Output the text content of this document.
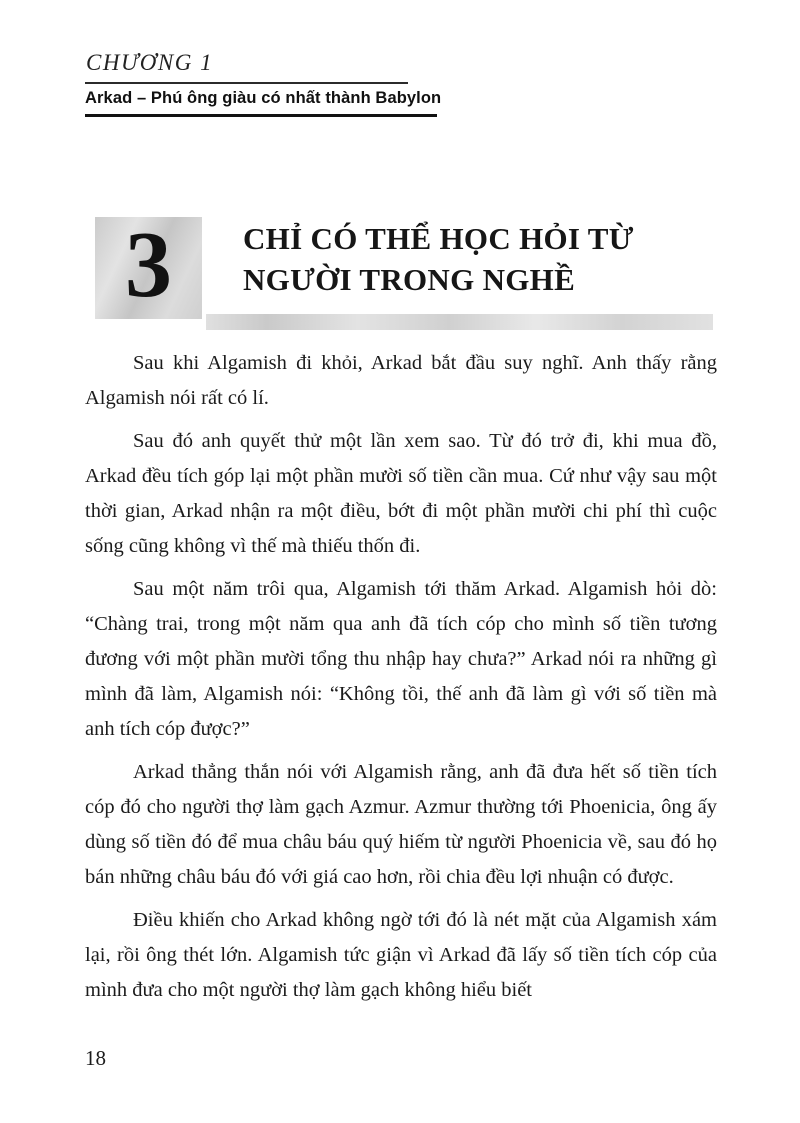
CHƯƠNG 1
Arkad – Phú ông giàu có nhất thành Babylon
3 CHỈ CÓ THỂ HỌC HỎI TỪ NGƯỜI TRONG NGHỀ

Sau khi Algamish đi khỏi, Arkad bắt đầu suy nghĩ. Anh thấy rằng Algamish nói rất có lí.

Sau đó anh quyết thử một lần xem sao. Từ đó trở đi, khi mua đồ, Arkad đều tích góp lại một phần mười số tiền cần mua. Cứ như vậy sau một thời gian, Arkad nhận ra một điều, bớt đi một phần mười chi phí thì cuộc sống cũng không vì thế mà thiếu thốn đi.

Sau một năm trôi qua, Algamish tới thăm Arkad. Algamish hỏi dò: “Chàng trai, trong một năm qua anh đã tích cóp cho mình số tiền tương đương với một phần mười tổng thu nhập hay chưa?” Arkad nói ra những gì mình đã làm, Algamish nói: “Không tồi, thế anh đã làm gì với số tiền mà anh tích cóp được?”

Arkad thẳng thắn nói với Algamish rằng, anh đã đưa hết số tiền tích cóp đó cho người thợ làm gạch Azmur. Azmur thường tới Phoenicia, ông ấy dùng số tiền đó để mua châu báu quý hiếm từ người Phoenicia về, sau đó họ bán những châu báu đó với giá cao hơn, rồi chia đều lợi nhuận có được.

Điều khiến cho Arkad không ngờ tới đó là nét mặt của Algamish xám lại, rồi ông thét lớn. Algamish tức giận vì Arkad đã lấy số tiền tích cóp của mình đưa cho một người thợ làm gạch không hiểu biết

18
